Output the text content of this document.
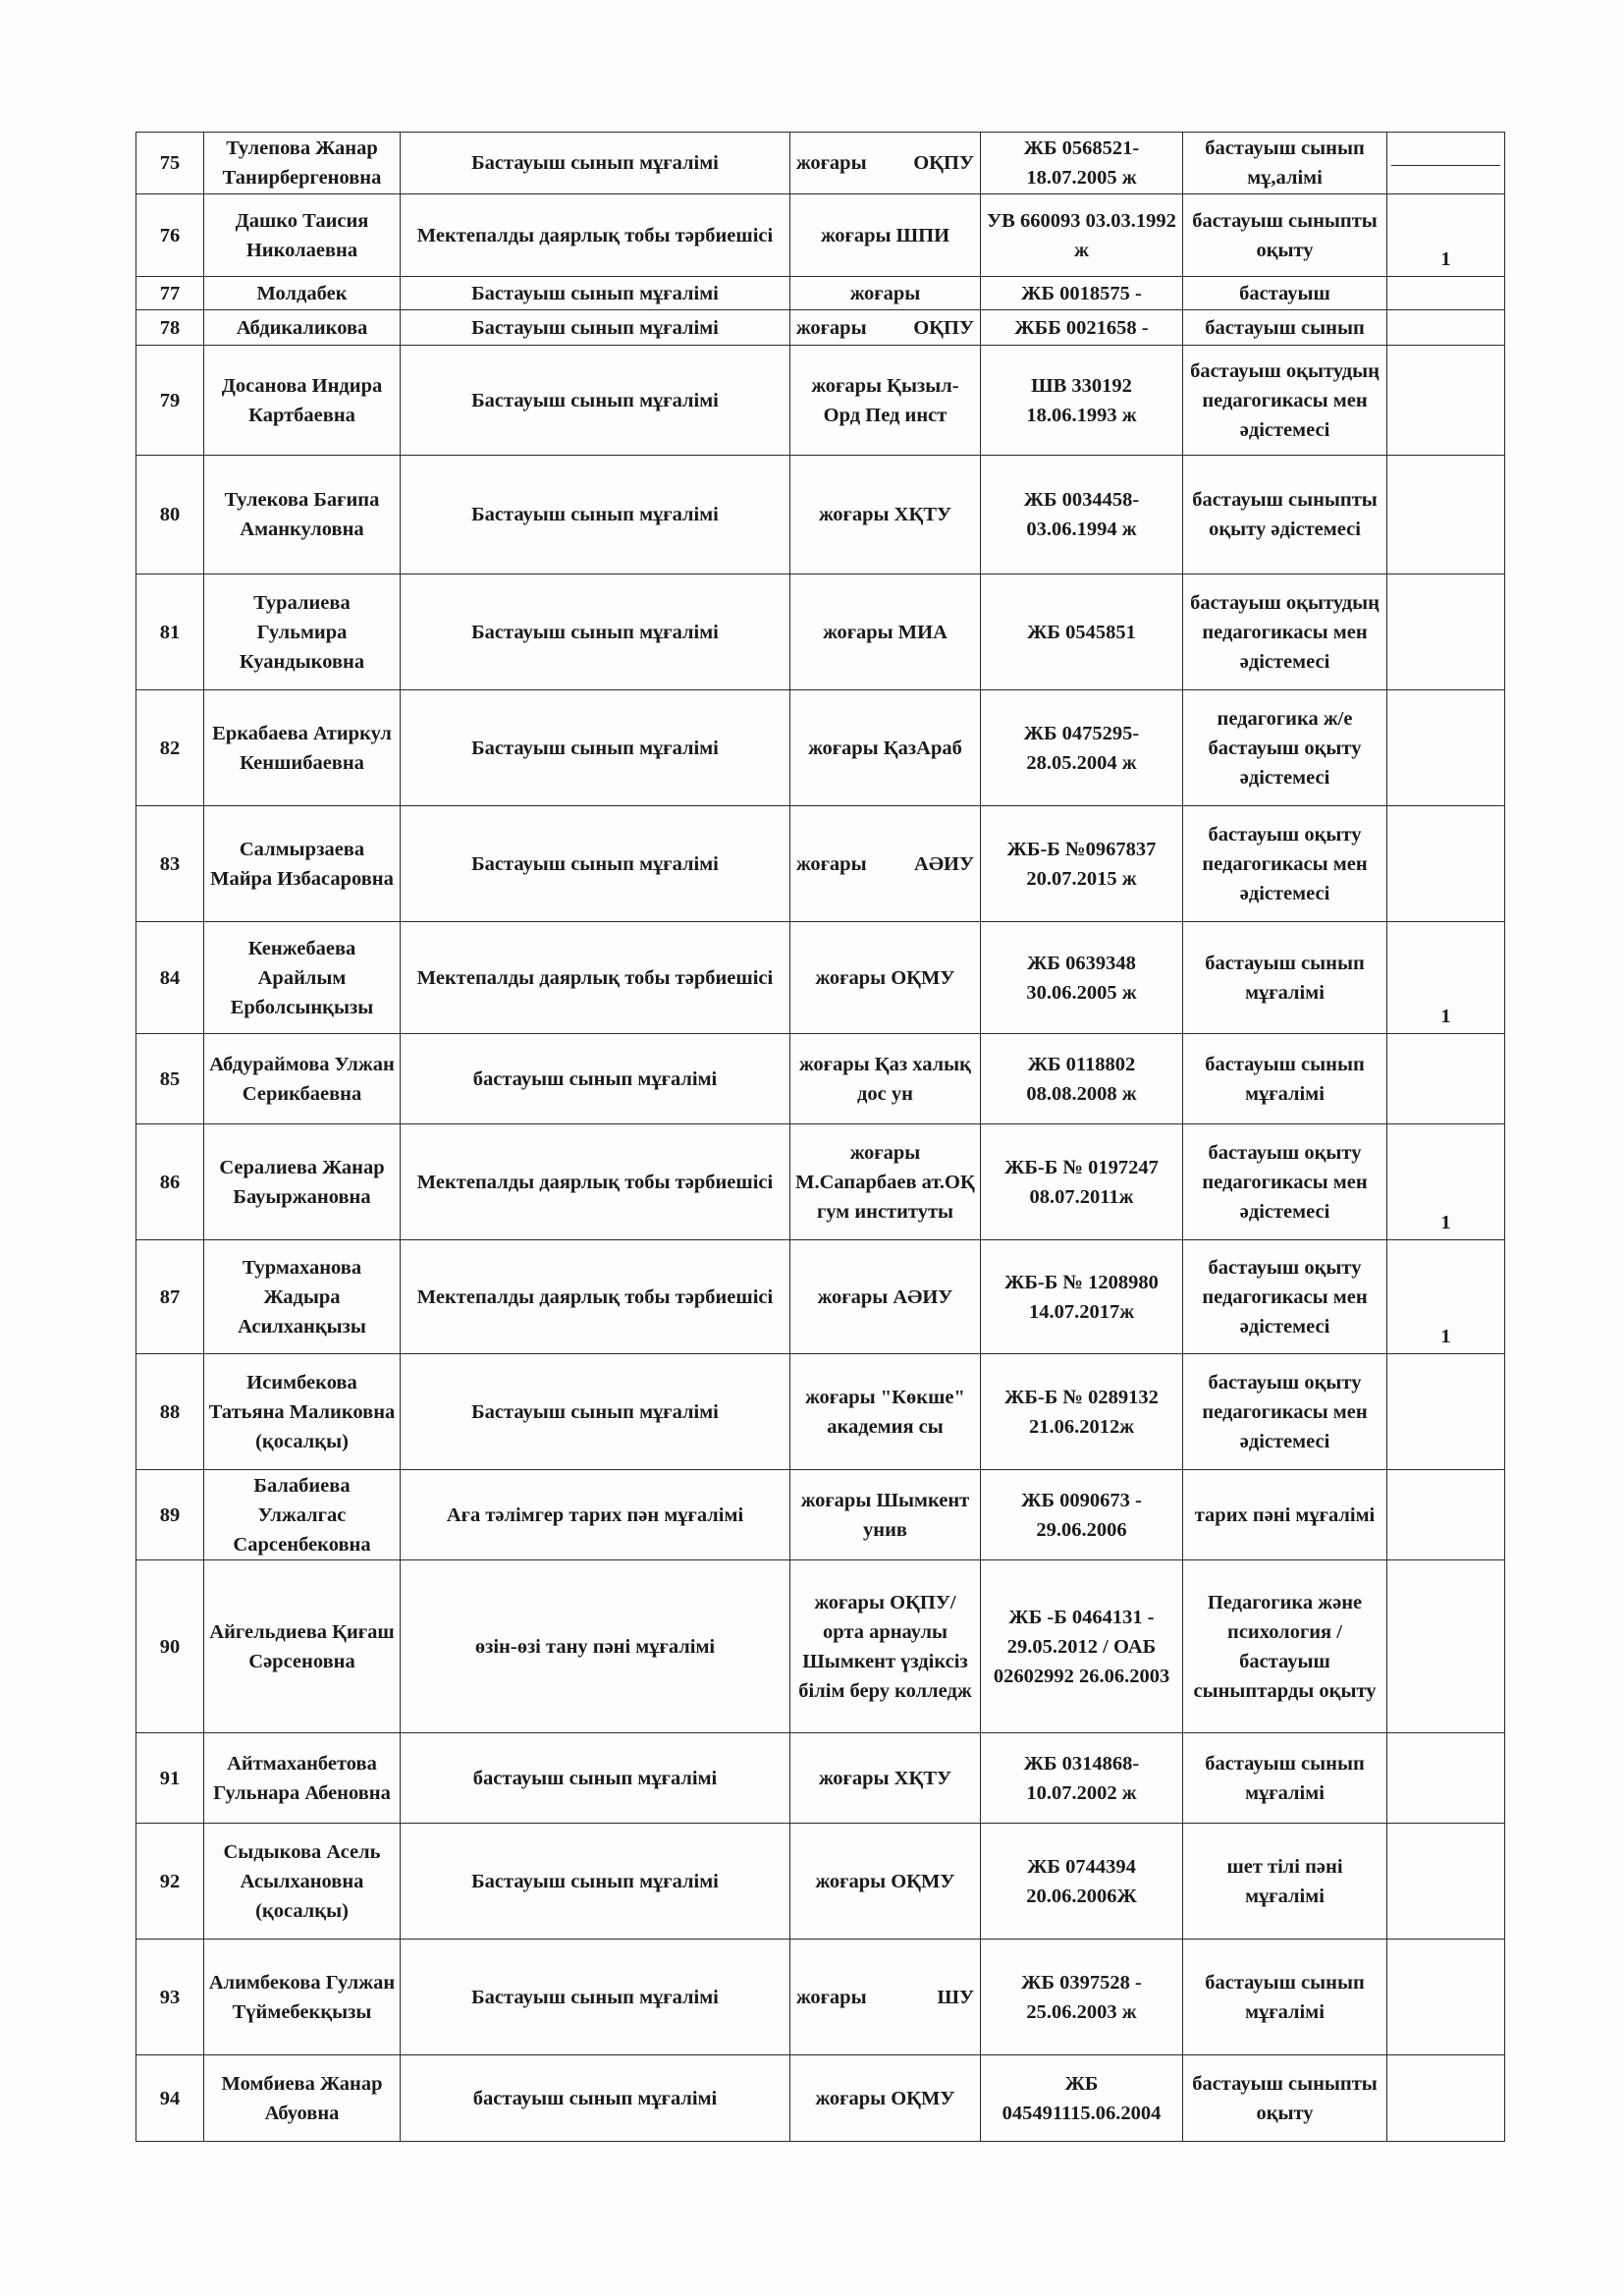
75	Тулепова Жанар Танирбергеновна	Бастауыш сынып мұғалімі	жоғары ОҚПУ	ЖБ 0568521-18.07.2005 ж	бастауыш сынып мұ,алімі	

76	Дашко Таисия Николаевна	Мектепалды даярлық тобы тәрбиешісі	жоғары ШПИ	УВ 660093 03.03.1992 ж	бастауыш сыныпты оқыту	1

77	Молдабек	Бастауыш сынып мұғалімі	жоғары	ЖБ 0018575 -	бастауыш	
78	Абдикаликова	Бастауыш сынып мұғалімі	жоғары ОҚПУ	ЖББ 0021658 -	бастауыш сынып	

79	Досанова Индира Картбаевна	Бастауыш сынып мұғалімі	жоғары Қызыл-Орд Пед инст	ШВ 330192 18.06.1993 ж	бастауыш оқытудың педагогикасы мен әдістемесі	
80	Тулекова Бағипа Аманкуловна	Бастауыш сынып мұғалімі	жоғары ХҚТУ	ЖБ 0034458-03.06.1994 ж	бастауыш сыныпты оқыту әдістемесі	
81	Туралиева Гульмира Куандыковна	Бастауыш сынып мұғалімі	жоғары МИА	ЖБ 0545851	бастауыш оқытудың педагогикасы мен әдістемесі	
82	Еркабаева Атиркул Кеншибаевна	Бастауыш сынып мұғалімі	жоғары ҚазАраб	ЖБ 0475295-28.05.2004 ж	педагогика ж/е бастауыш оқыту әдістемесі	
83	Салмырзаева Майра Избасаровна	Бастауыш сынып мұғалімі	жоғары АӘИУ	ЖБ-Б №0967837 20.07.2015 ж	бастауыш оқыту педагогикасы мен әдістемесі	
84	Кенжебаева Арайлым Ерболсынқызы	Мектепалды даярлық тобы тәрбиешісі	жоғары ОҚМУ	ЖБ 0639348 30.06.2005 ж	бастауыш сынып мұғалімі	1

85	Абдураймова Улжан Серикбаевна	бастауыш сынып мұғалімі	жоғары Қаз халық дос ун	ЖБ 0118802 08.08.2008 ж	бастауыш сынып мұғалімі	
86	Сералиева Жанар Бауыржановна	Мектепалды даярлық тобы тәрбиешісі	жоғары М.Сапарбаев ат.ОҚ гум институты	ЖБ-Б № 0197247 08.07.2011ж	бастауыш оқыту педагогикасы мен әдістемесі	1

87	Турмаханова Жадыра Асилханқызы	Мектепалды даярлық тобы тәрбиешісі	жоғары АӘИУ	ЖБ-Б № 1208980 14.07.2017ж	бастауыш оқыту педагогикасы мен әдістемесі	1

88	Исимбекова Татьяна Маликовна (қосалқы)	Бастауыш сынып мұғалімі	жоғары "Көкше" академия сы	ЖБ-Б № 0289132 21.06.2012ж	бастауыш оқыту педагогикасы мен әдістемесі	
89	Балабиева Улжалгас Сарсенбековна	Аға тәлімгер тарих пән мұғалімі	жоғары Шымкент унив	ЖБ 0090673 - 29.06.2006	тарих пәні мұғалімі	
90	Айгельдиева Қиғаш Сәрсеновна	өзін-өзі тану пәні мұғалімі	жоғары ОҚПУ/ орта арнаулы Шымкент үздіксіз білім беру колледж	ЖБ -Б 0464131 - 29.05.2012 / ОАБ 02602992 26.06.2003	Педагогика және психология / бастауыш сыныптарды оқыту	
91	Айтмаханбетова Гульнара Абеновна	бастауыш сынып мұғалімі	жоғары ХҚТУ	ЖБ 0314868-10.07.2002 ж	бастауыш сынып мұғалімі	
92	Сыдыкова Асель Асылхановна (қосалқы)	Бастауыш сынып мұғалімі	жоғары ОҚМУ	ЖБ 0744394 20.06.2006Ж	шет тілі пәні мұғалімі	
93	Алимбекова Гулжан Түймебекқызы	Бастауыш сынып мұғалімі	жоғары ШУ	ЖБ 0397528 - 25.06.2003 ж	бастауыш сынып мұғалімі	
94	Момбиева Жанар Абуовна	бастауыш сынып мұғалімі	жоғары ОҚМУ	ЖБ 045491115.06.2004	бастауыш сыныпты оқыту	
